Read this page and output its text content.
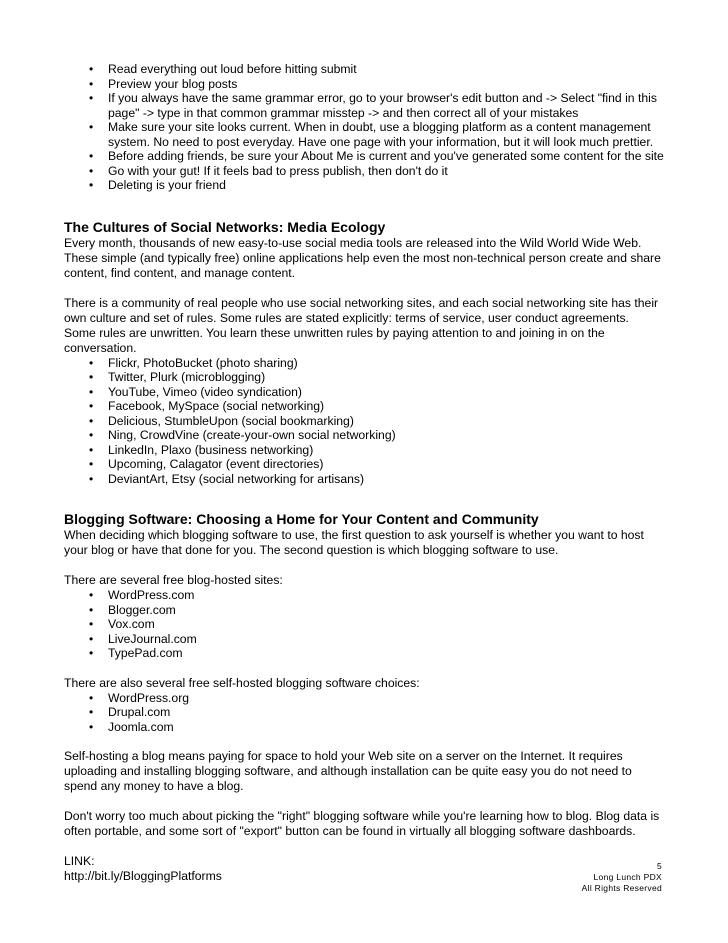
• Read everything out loud before hitting submit
• Preview your blog posts
• If you always have the same grammar error, go to your browser's edit button and -> Select "find in this page" -> type in that common grammar misstep -> and then correct all of your mistakes
• Make sure your site looks current. When in doubt, use a blogging platform as a content management system. No need to post everyday. Have one page with your information, but it will look much prettier.
• Before adding friends, be sure your About Me is current and you've generated some content for the site
• Go with your gut! If it feels bad to press publish, then don't do it
• Deleting is your friend
The Cultures of Social Networks: Media Ecology

Every month, thousands of new easy-to-use social media tools are released into the Wild World Wide Web. These simple (and typically free) online applications help even the most non-technical person create and share content, find content, and manage content.

There is a community of real people who use social networking sites, and each social networking site has their own culture and set of rules. Some rules are stated explicitly: terms of service, user conduct agreements. Some rules are unwritten. You learn these unwritten rules by paying attention to and joining in on the conversation.

• Flickr, PhotoBucket (photo sharing)
• Twitter, Plurk (microblogging)
• YouTube, Vimeo (video syndication)
• Facebook, MySpace (social networking)
• Delicious, StumbleUpon (social bookmarking)
• Ning, CrowdVine (create-your-own social networking)
• LinkedIn, Plaxo (business networking)
• Upcoming, Calagator (event directories)
• DeviantArt, Etsy (social networking for artisans)
Blogging Software: Choosing a Home for Your Content and Community

When deciding which blogging software to use, the first question to ask yourself is whether you want to host your blog or have that done for you. The second question is which blogging software to use.

There are several free blog-hosted sites:

• WordPress.com
• Blogger.com
• Vox.com
• LiveJournal.com
• TypePad.com

There are also several free self-hosted blogging software choices:

• WordPress.org
• Drupal.com
• Joomla.com

Self-hosting a blog means paying for space to hold your Web site on a server on the Internet. It requires uploading and installing blogging software, and although installation can be quite easy you do not need to spend any money to have a blog.

Don't worry too much about picking the "right" blogging software while you're learning how to blog. Blog data is often portable, and some sort of "export" button can be found in virtually all blogging software dashboards.

LINK:

http://bit.ly/BloggingPlatforms

5
Long Lunch PDX
All Rights Reserved
